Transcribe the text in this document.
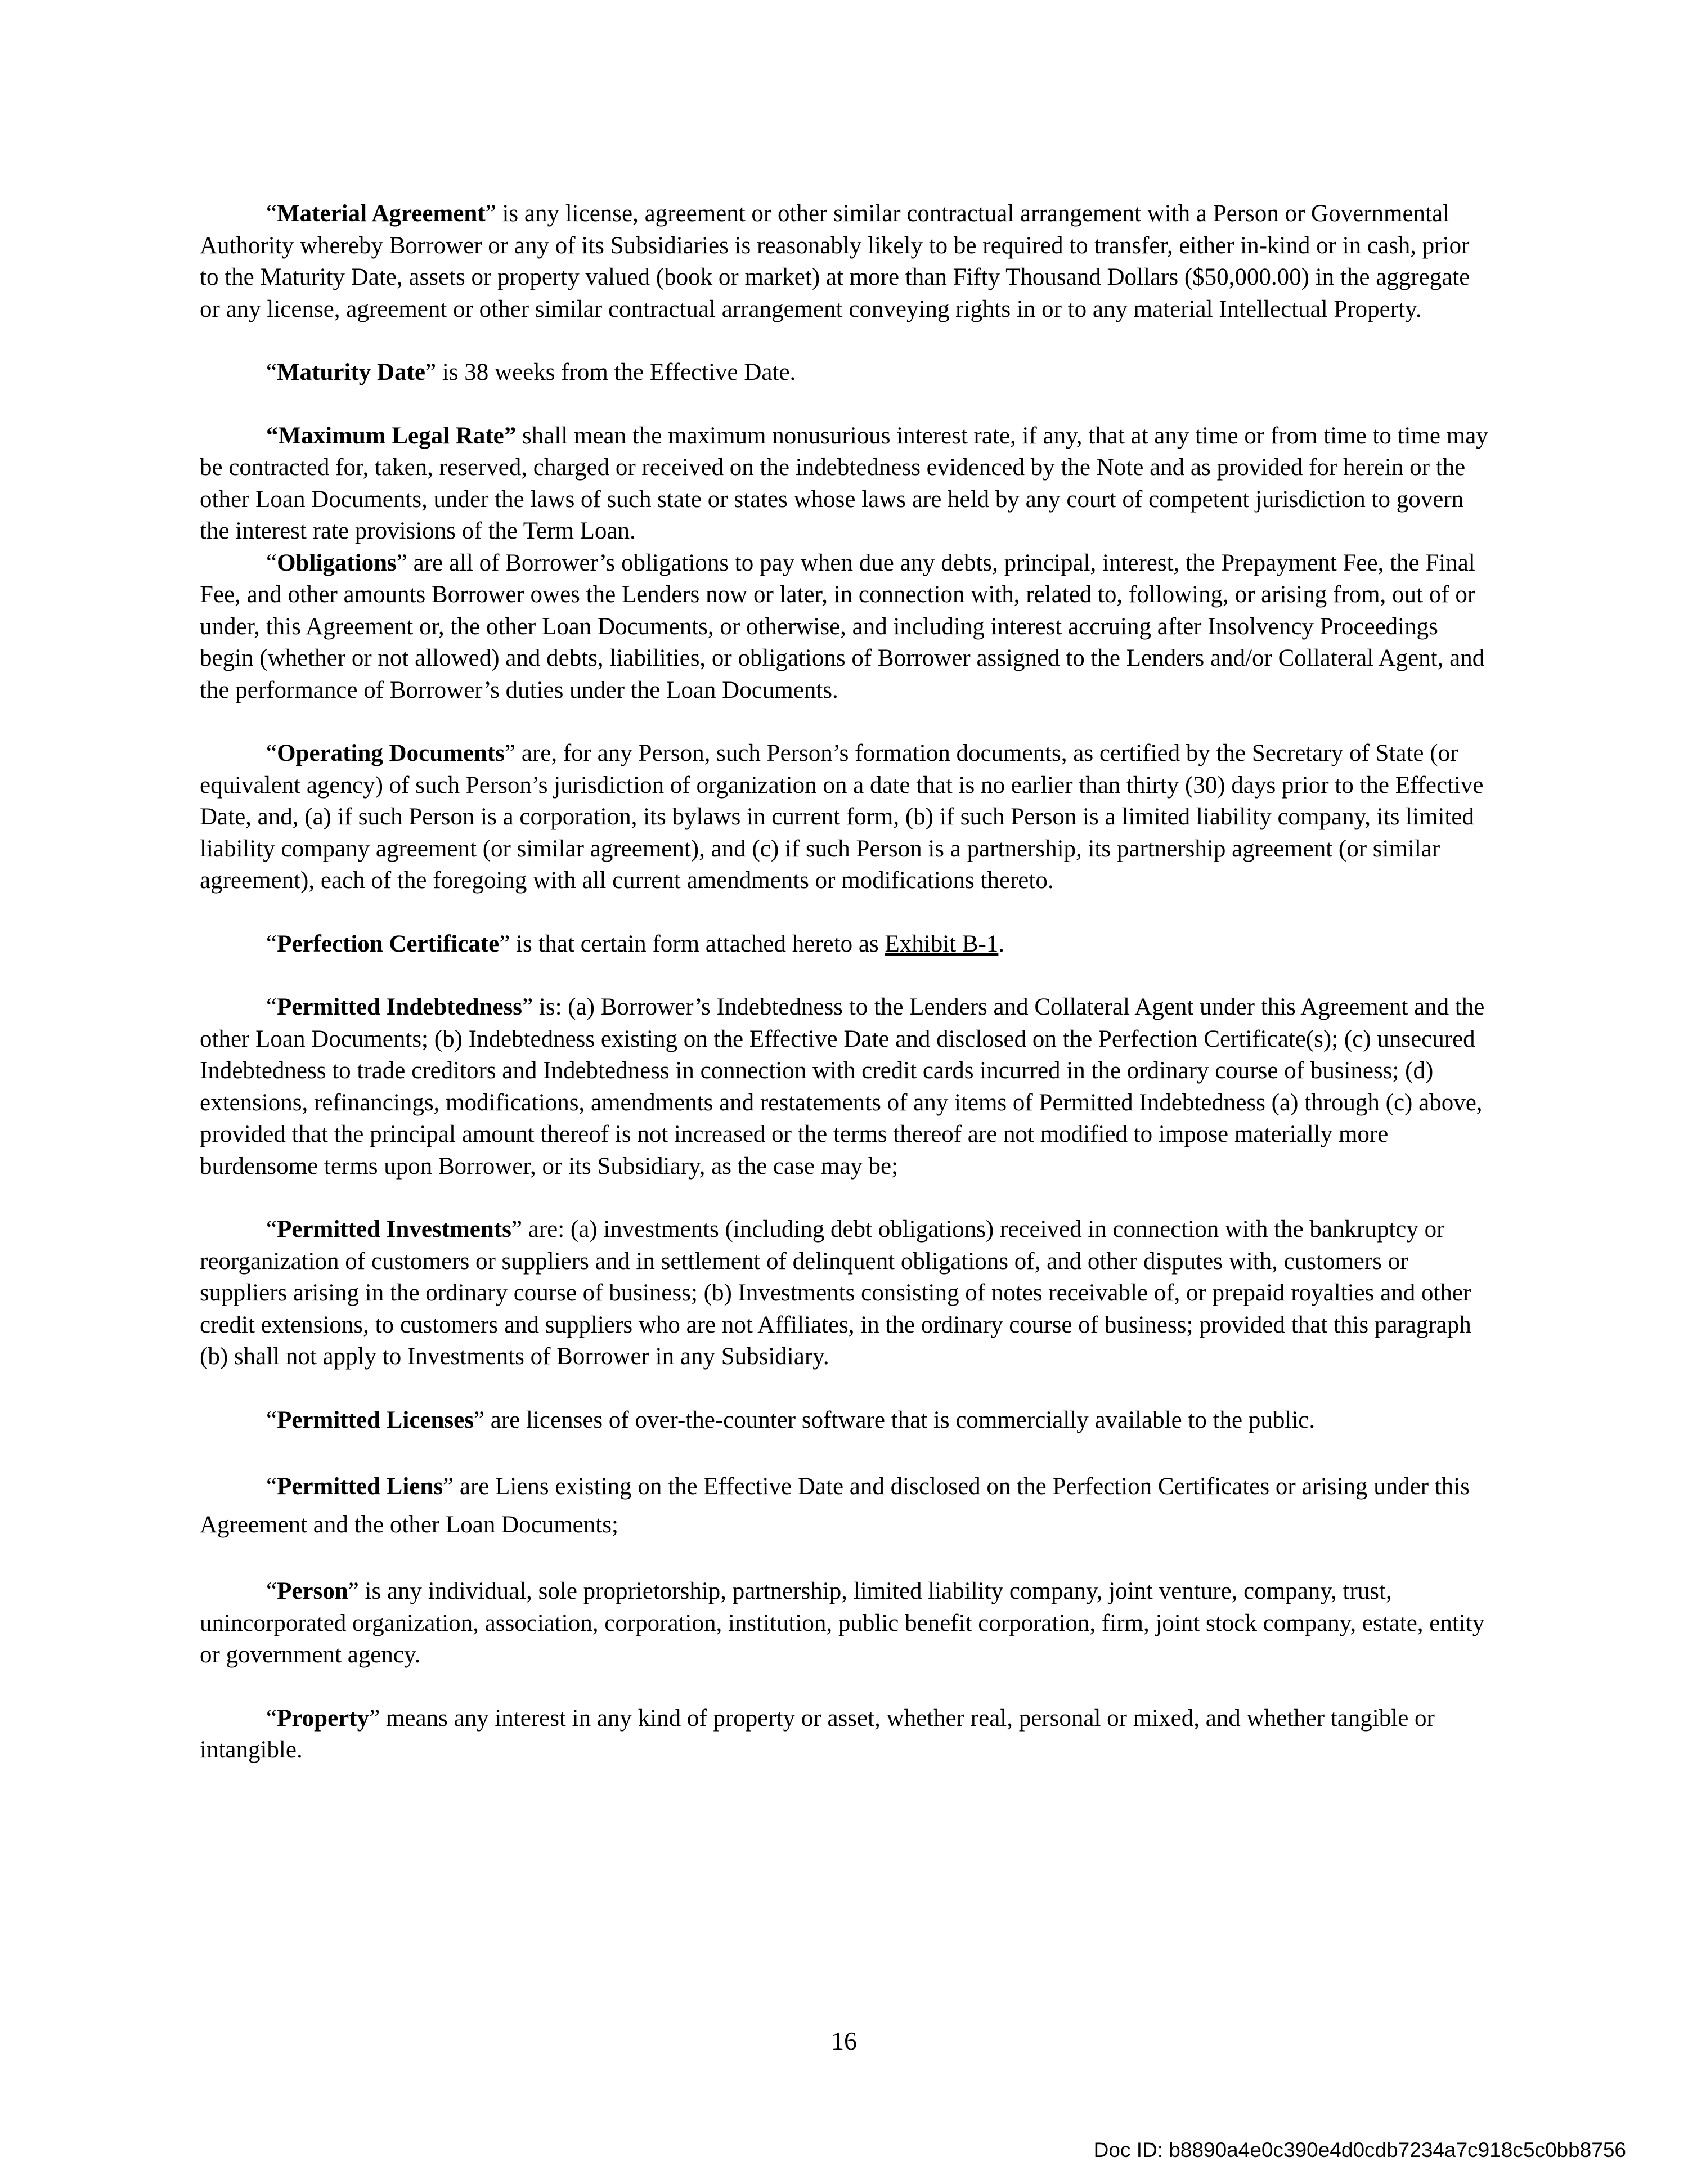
“Material Agreement” is any license, agreement or other similar contractual arrangement with a Person or Governmental Authority whereby Borrower or any of its Subsidiaries is reasonably likely to be required to transfer, either in-kind or in cash, prior to the Maturity Date, assets or property valued (book or market) at more than Fifty Thousand Dollars ($50,000.00) in the aggregate or any license, agreement or other similar contractual arrangement conveying rights in or to any material Intellectual Property.

“Maturity Date” is 38 weeks from the Effective Date.

“Maximum Legal Rate” shall mean the maximum nonusurious interest rate, if any, that at any time or from time to time may be contracted for, taken, reserved, charged or received on the indebtedness evidenced by the Note and as provided for herein or the other Loan Documents, under the laws of such state or states whose laws are held by any court of competent jurisdiction to govern the interest rate provisions of the Term Loan.

“Obligations” are all of Borrower’s obligations to pay when due any debts, principal, interest, the Prepayment Fee, the Final Fee, and other amounts Borrower owes the Lenders now or later, in connection with, related to, following, or arising from, out of or under, this Agreement or, the other Loan Documents, or otherwise, and including interest accruing after Insolvency Proceedings begin (whether or not allowed) and debts, liabilities, or obligations of Borrower assigned to the Lenders and/or Collateral Agent, and the performance of Borrower’s duties under the Loan Documents.

“Operating Documents” are, for any Person, such Person’s formation documents, as certified by the Secretary of State (or equivalent agency) of such Person’s jurisdiction of organization on a date that is no earlier than thirty (30) days prior to the Effective Date, and, (a) if such Person is a corporation, its bylaws in current form, (b) if such Person is a limited liability company, its limited liability company agreement (or similar agreement), and (c) if such Person is a partnership, its partnership agreement (or similar agreement), each of the foregoing with all current amendments or modifications thereto.

“Perfection Certificate” is that certain form attached hereto as Exhibit B-1.

“Permitted Indebtedness” is: (a) Borrower’s Indebtedness to the Lenders and Collateral Agent under this Agreement and the other Loan Documents; (b) Indebtedness existing on the Effective Date and disclosed on the Perfection Certificate(s); (c) unsecured Indebtedness to trade creditors and Indebtedness in connection with credit cards incurred in the ordinary course of business; (d) extensions, refinancings, modifications, amendments and restatements of any items of Permitted Indebtedness (a) through (c) above, provided that the principal amount thereof is not increased or the terms thereof are not modified to impose materially more burdensome terms upon Borrower, or its Subsidiary, as the case may be;

“Permitted Investments” are: (a) investments (including debt obligations) received in connection with the bankruptcy or reorganization of customers or suppliers and in settlement of delinquent obligations of, and other disputes with, customers or suppliers arising in the ordinary course of business; (b) Investments consisting of notes receivable of, or prepaid royalties and other credit extensions, to customers and suppliers who are not Affiliates, in the ordinary course of business; provided that this paragraph (b) shall not apply to Investments of Borrower in any Subsidiary.

“Permitted Licenses” are licenses of over-the-counter software that is commercially available to the public.

“Permitted Liens” are Liens existing on the Effective Date and disclosed on the Perfection Certificates or arising under this Agreement and the other Loan Documents;

“Person” is any individual, sole proprietorship, partnership, limited liability company, joint venture, company, trust, unincorporated organization, association, corporation, institution, public benefit corporation, firm, joint stock company, estate, entity or government agency.

“Property” means any interest in any kind of property or asset, whether real, personal or mixed, and whether tangible or intangible.

16
Doc ID: b8890a4e0c390e4d0cdb7234a7c918c5c0bb8756
